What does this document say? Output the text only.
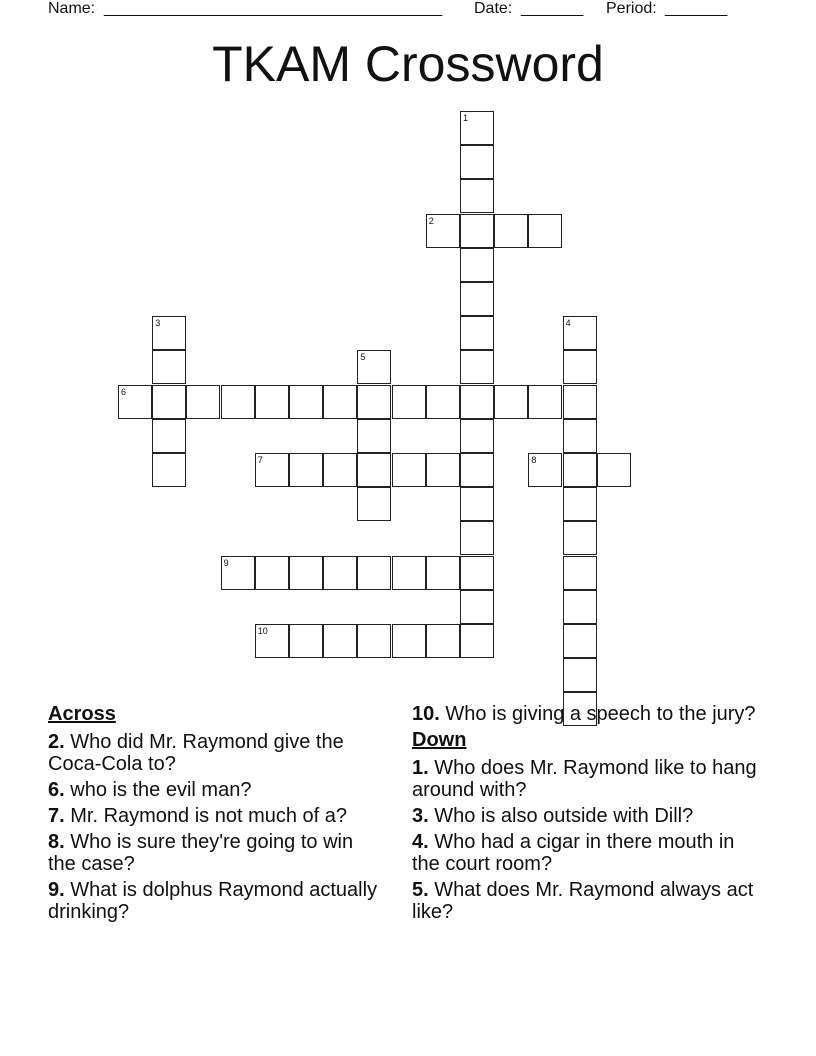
Name: ______________________________________ Date: _______ Period: _______
TKAM Crossword
1
2
3	4
5
6
7	8
9
10
Across
2. Who did Mr. Raymond give the Coca-Cola to?
6. who is the evil man?
7. Mr. Raymond is not much of a?
8. Who is sure they're going to win the case?
9. What is dolphus Raymond actually drinking?
10. Who is giving a speech to the jury?
Down
1. Who does Mr. Raymond like to hang around with?
3. Who is also outside with Dill?
4. Who had a cigar in there mouth in the court room?
5. What does Mr. Raymond always act like?
